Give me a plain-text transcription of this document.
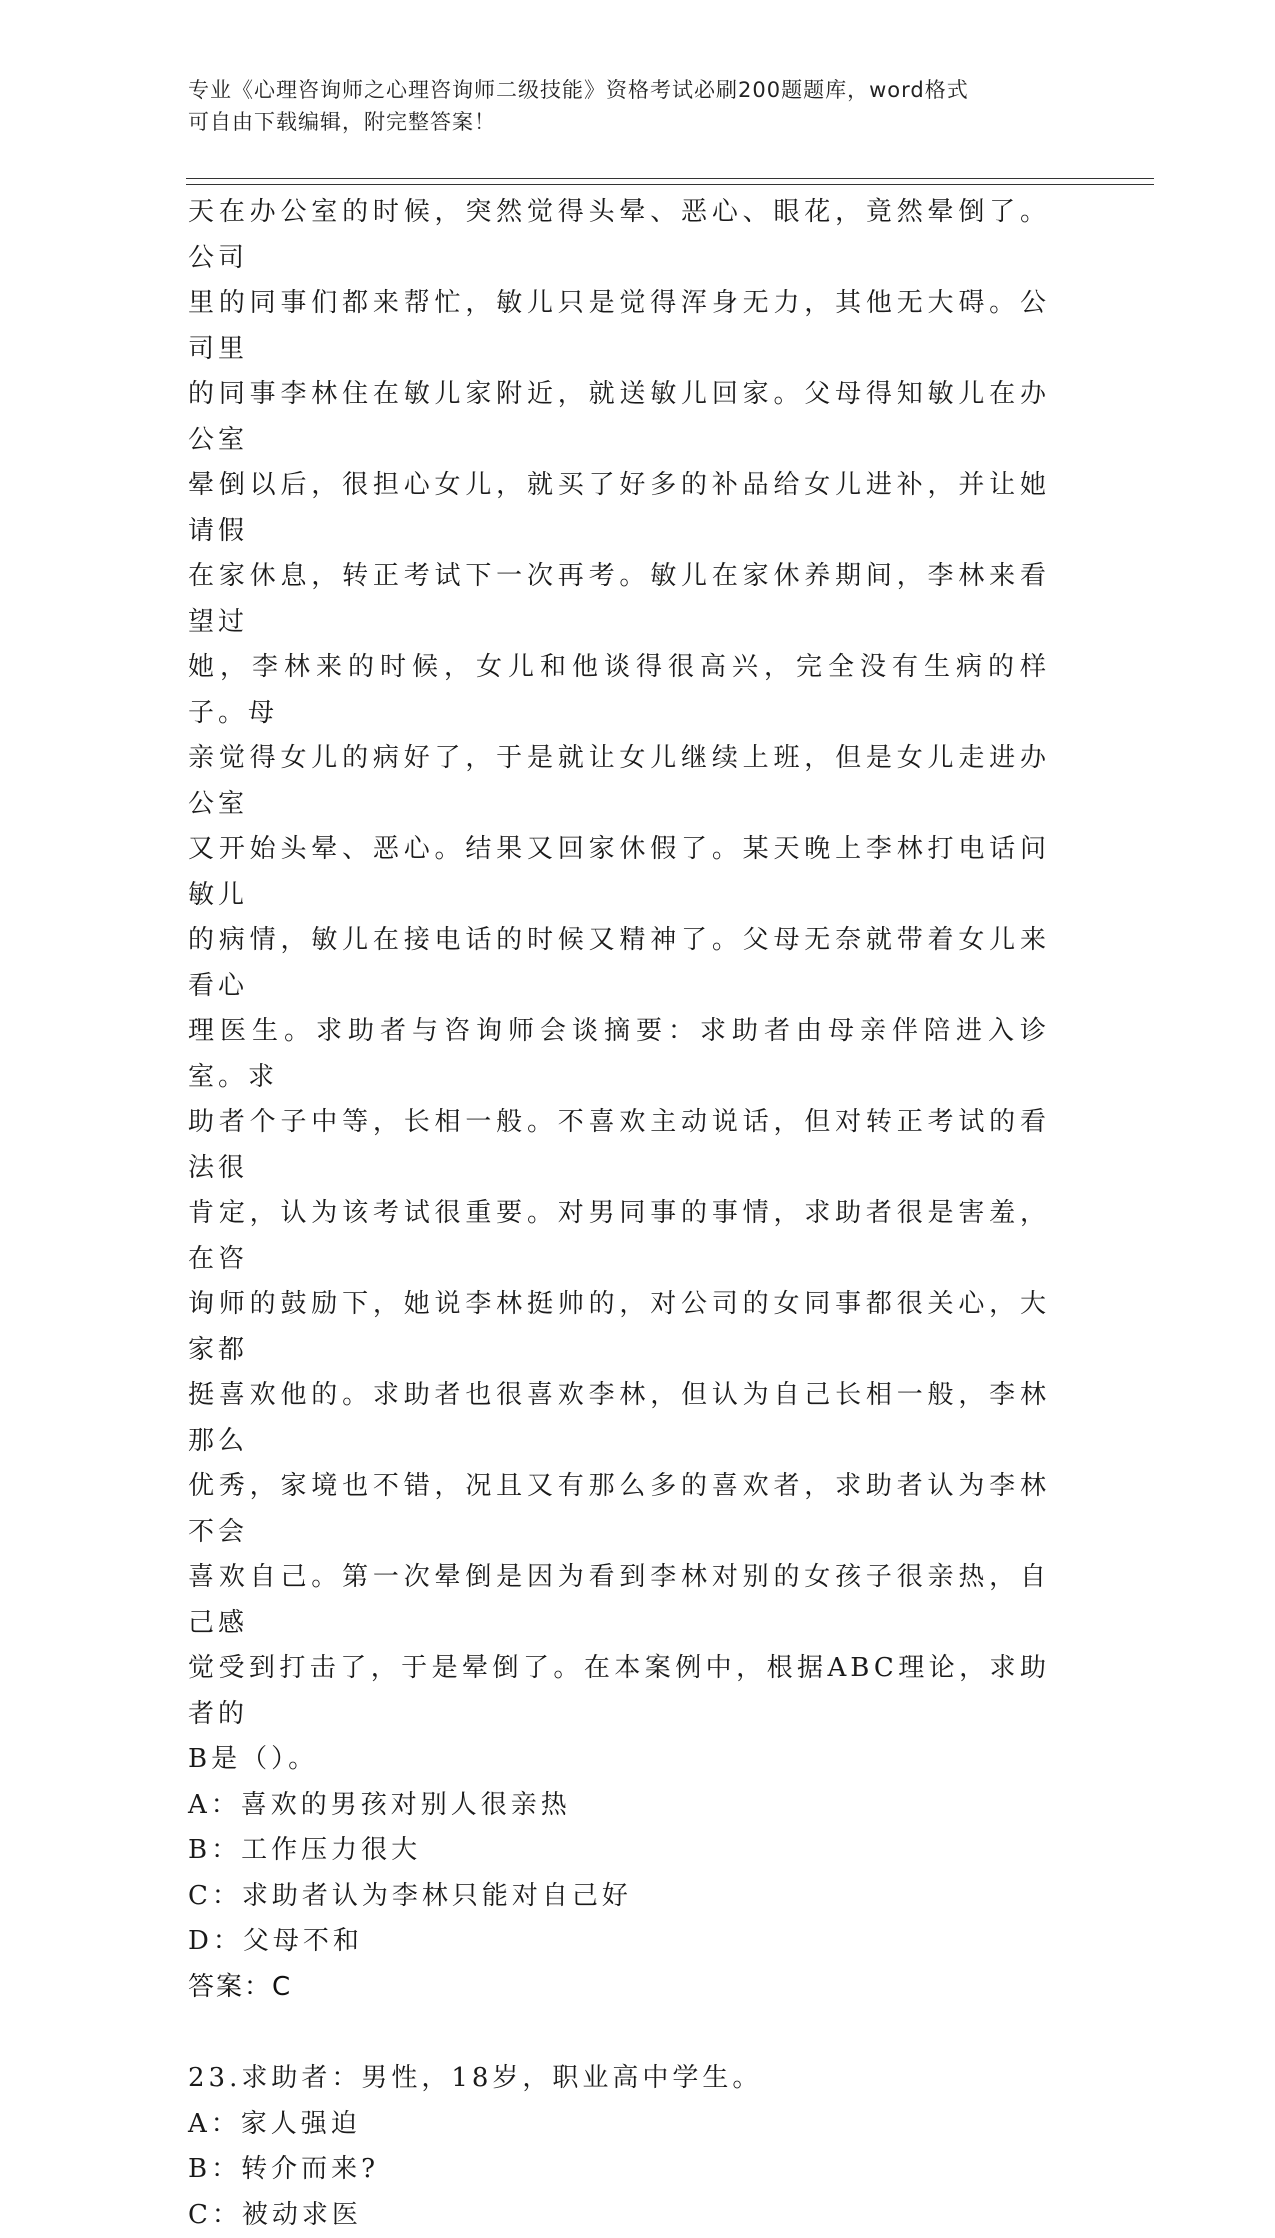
专业《心理咨询师之心理咨询师二级技能》资格考试必刷200题题库，word格式
可自由下载编辑，附完整答案！

天在办公室的时候，突然觉得头晕、恶心、眼花，竟然晕倒了。公司

里的同事们都来帮忙，敏儿只是觉得浑身无力，其他无大碍。公司里

的同事李林住在敏儿家附近，就送敏儿回家。父母得知敏儿在办公室

晕倒以后，很担心女儿，就买了好多的补品给女儿进补，并让她请假

在家休息，转正考试下一次再考。敏儿在家休养期间，李林来看望过

她，李林来的时候，女儿和他谈得很高兴，完全没有生病的样子。母

亲觉得女儿的病好了，于是就让女儿继续上班，但是女儿走进办公室

又开始头晕、恶心。结果又回家休假了。某天晚上李林打电话问敏儿

的病情，敏儿在接电话的时候又精神了。父母无奈就带着女儿来看心

理医生。求助者与咨询师会谈摘要：求助者由母亲伴陪进入诊室。求

助者个子中等，长相一般。不喜欢主动说话，但对转正考试的看法很

肯定，认为该考试很重要。对男同事的事情，求助者很是害羞，在咨

询师的鼓励下，她说李林挺帅的，对公司的女同事都很关心，大家都

挺喜欢他的。求助者也很喜欢李林，但认为自己长相一般，李林那么

优秀，家境也不错，况且又有那么多的喜欢者，求助者认为李林不会

喜欢自己。第一次晕倒是因为看到李林对别的女孩子很亲热，自己感

觉受到打击了，于是晕倒了。在本案例中，根据ABC理论，求助者的

B是（）。

A：喜欢的男孩对别人很亲热

B：工作压力很大

C：求助者认为李林只能对自己好

D：父母不和

答案：C

23.求助者：男性，18岁，职业高中学生。

A：家人强迫

B：转介而来?

C：被动求医
